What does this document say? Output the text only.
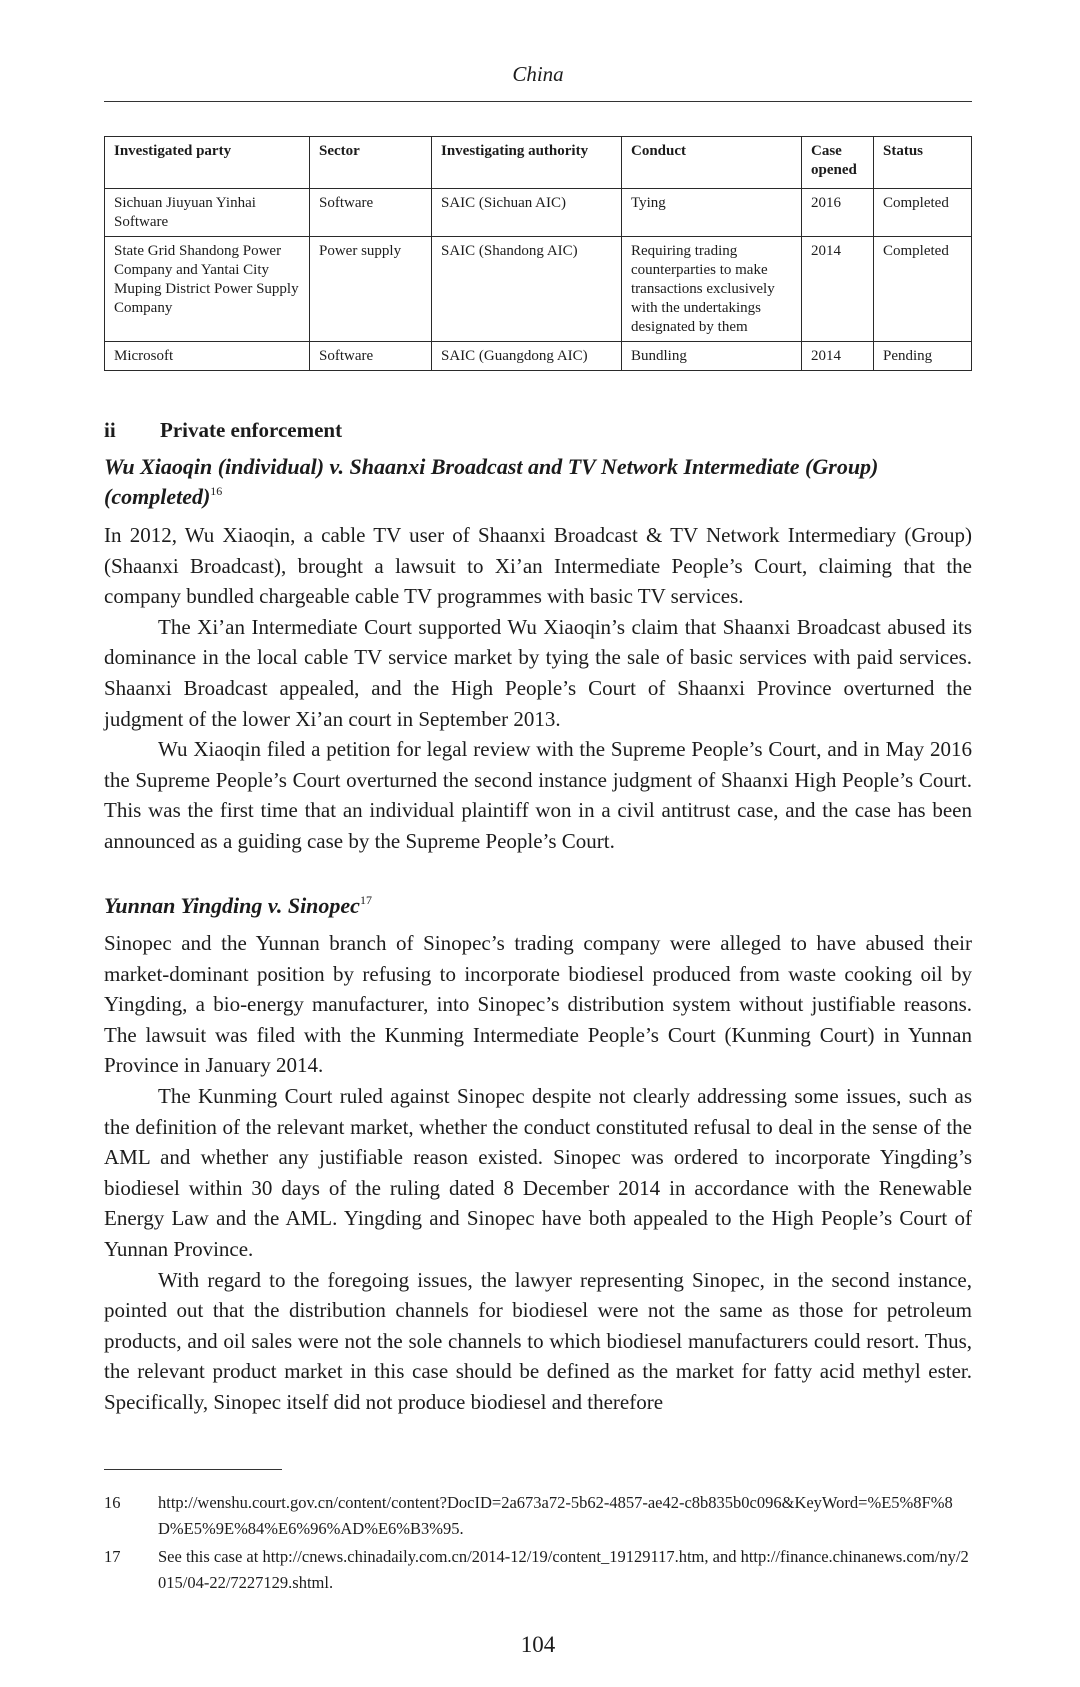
China
Investigated party	Sector	Investigating authority	Conduct	Case opened	Status
Sichuan Jiuyuan Yinhai Software	Software	SAIC (Sichuan AIC)	Tying	2016	Completed
State Grid Shandong Power Company and Yantai City Muping District Power Supply Company	Power supply	SAIC (Shandong AIC)	Requiring trading counterparties to make transactions exclusively with the undertakings designated by them	2014	Completed
Microsoft	Software	SAIC (Guangdong AIC)	Bundling	2014	Pending
ii Private enforcement
Wu Xiaoqin (individual) v. Shaanxi Broadcast and TV Network Intermediate (Group) (completed)$^{16}$

In 2012, Wu Xiaoqin, a cable TV user of Shaanxi Broadcast & TV Network Intermediary (Group) (Shaanxi Broadcast), brought a lawsuit to Xi’an Intermediate People’s Court, claiming that the company bundled chargeable cable TV programmes with basic TV services.

The Xi’an Intermediate Court supported Wu Xiaoqin’s claim that Shaanxi Broadcast abused its dominance in the local cable TV service market by tying the sale of basic services with paid services. Shaanxi Broadcast appealed, and the High People’s Court of Shaanxi Province overturned the judgment of the lower Xi’an court in September 2013.

Wu Xiaoqin filed a petition for legal review with the Supreme People’s Court, and in May 2016 the Supreme People’s Court overturned the second instance judgment of Shaanxi High People’s Court. This was the first time that an individual plaintiff won in a civil antitrust case, and the case has been announced as a guiding case by the Supreme People’s Court.

Yunnan Yingding v. Sinopec$^{17}$

Sinopec and the Yunnan branch of Sinopec’s trading company were alleged to have abused their market-dominant position by refusing to incorporate biodiesel produced from waste cooking oil by Yingding, a bio-energy manufacturer, into Sinopec’s distribution system without justifiable reasons. The lawsuit was filed with the Kunming Intermediate People’s Court (Kunming Court) in Yunnan Province in January 2014.

The Kunming Court ruled against Sinopec despite not clearly addressing some issues, such as the definition of the relevant market, whether the conduct constituted refusal to deal in the sense of the AML and whether any justifiable reason existed. Sinopec was ordered to incorporate Yingding’s biodiesel within 30 days of the ruling dated 8 December 2014 in accordance with the Renewable Energy Law and the AML. Yingding and Sinopec have both appealed to the High People’s Court of Yunnan Province.

With regard to the foregoing issues, the lawyer representing Sinopec, in the second instance, pointed out that the distribution channels for biodiesel were not the same as those for petroleum products, and oil sales were not the sole channels to which biodiesel manufacturers could resort. Thus, the relevant product market in this case should be defined as the market for fatty acid methyl ester. Specifically, Sinopec itself did not produce biodiesel and therefore

16 http://wenshu.court.gov.cn/content/content?DocID=2a673a72-5b62-4857-ae42-c8b835b0c096&KeyWord=%E5%8F%8D%E5%9E%84%E6%96%AD%E6%B3%95.
17 See this case at http://cnews.chinadaily.com.cn/2014-12/19/content_19129117.htm, and http://finance.chinanews.com/ny/2015/04-22/7227129.shtml.
104
